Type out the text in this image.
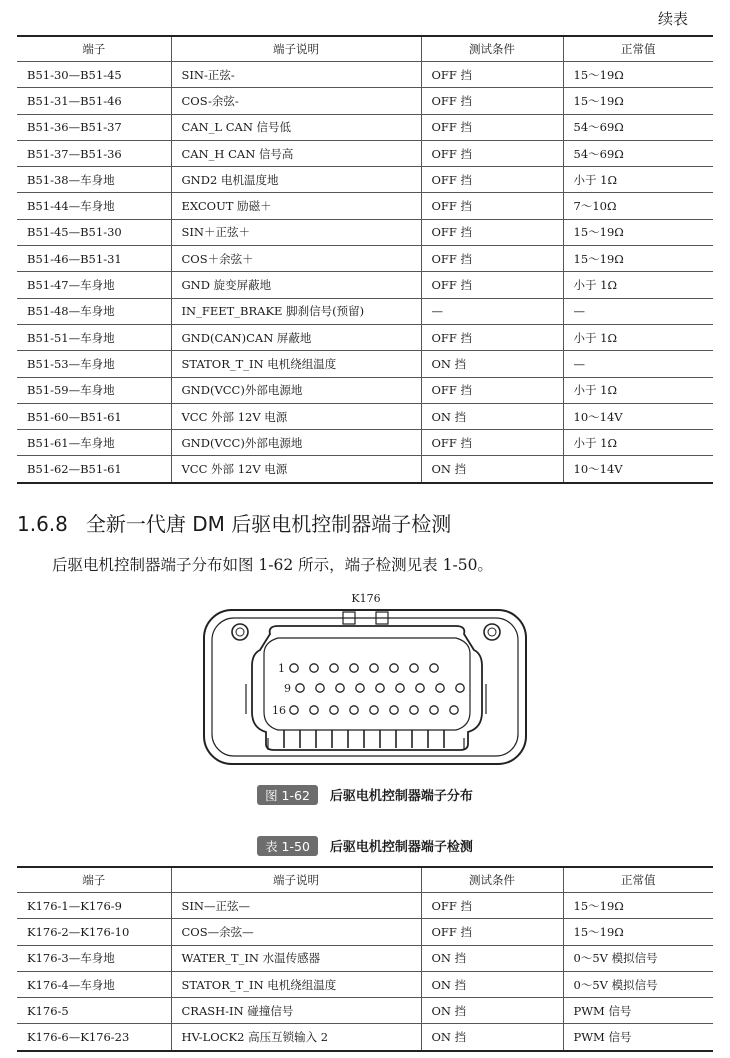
续表
端子	端子说明	测试条件	正常值
B51-30—B51-45	SIN-正弦-	OFF 挡	15～19Ω
B51-31—B51-46	COS-余弦-	OFF 挡	15～19Ω
B51-36—B51-37	CAN_L CAN 信号低	OFF 挡	54～69Ω
B51-37—B51-36	CAN_H CAN 信号高	OFF 挡	54～69Ω
B51-38—车身地	GND2 电机温度地	OFF 挡	小于 1Ω
B51-44—车身地	EXCOUT 励磁＋	OFF 挡	7～10Ω
B51-45—B51-30	SIN＋正弦＋	OFF 挡	15～19Ω
B51-46—B51-31	COS＋余弦＋	OFF 挡	15～19Ω
B51-47—车身地	GND 旋变屏蔽地	OFF 挡	小于 1Ω
B51-48—车身地	IN_FEET_BRAKE 脚刹信号(预留)	—	—
B51-51—车身地	GND(CAN)CAN 屏蔽地	OFF 挡	小于 1Ω
B51-53—车身地	STATOR_T_IN 电机绕组温度	ON 挡	—
B51-59—车身地	GND(VCC)外部电源地	OFF 挡	小于 1Ω
B51-60—B51-61	VCC 外部 12V 电源	ON 挡	10～14V
B51-61—车身地	GND(VCC)外部电源地	OFF 挡	小于 1Ω
B51-62—B51-61	VCC 外部 12V 电源	ON 挡	10～14V
1.6.8 全新一代唐 DM 后驱电机控制器端子检测
后驱电机控制器端子分布如图 1-62 所示，端子检测见表 1-50。
K176
1
9
16
图 1-62 后驱电机控制器端子分布
表 1-50 后驱电机控制器端子检测
端子	端子说明	测试条件	正常值
K176-1—K176-9	SIN—正弦—	OFF 挡	15～19Ω
K176-2—K176-10	COS—余弦—	OFF 挡	15～19Ω
K176-3—车身地	WATER_T_IN 水温传感器	ON 挡	0～5V 模拟信号
K176-4—车身地	STATOR_T_IN 电机绕组温度	ON 挡	0～5V 模拟信号
K176-5	CRASH-IN 碰撞信号	ON 挡	PWM 信号
K176-6—K176-23	HV-LOCK2 高压互锁输入 2	ON 挡	PWM 信号
